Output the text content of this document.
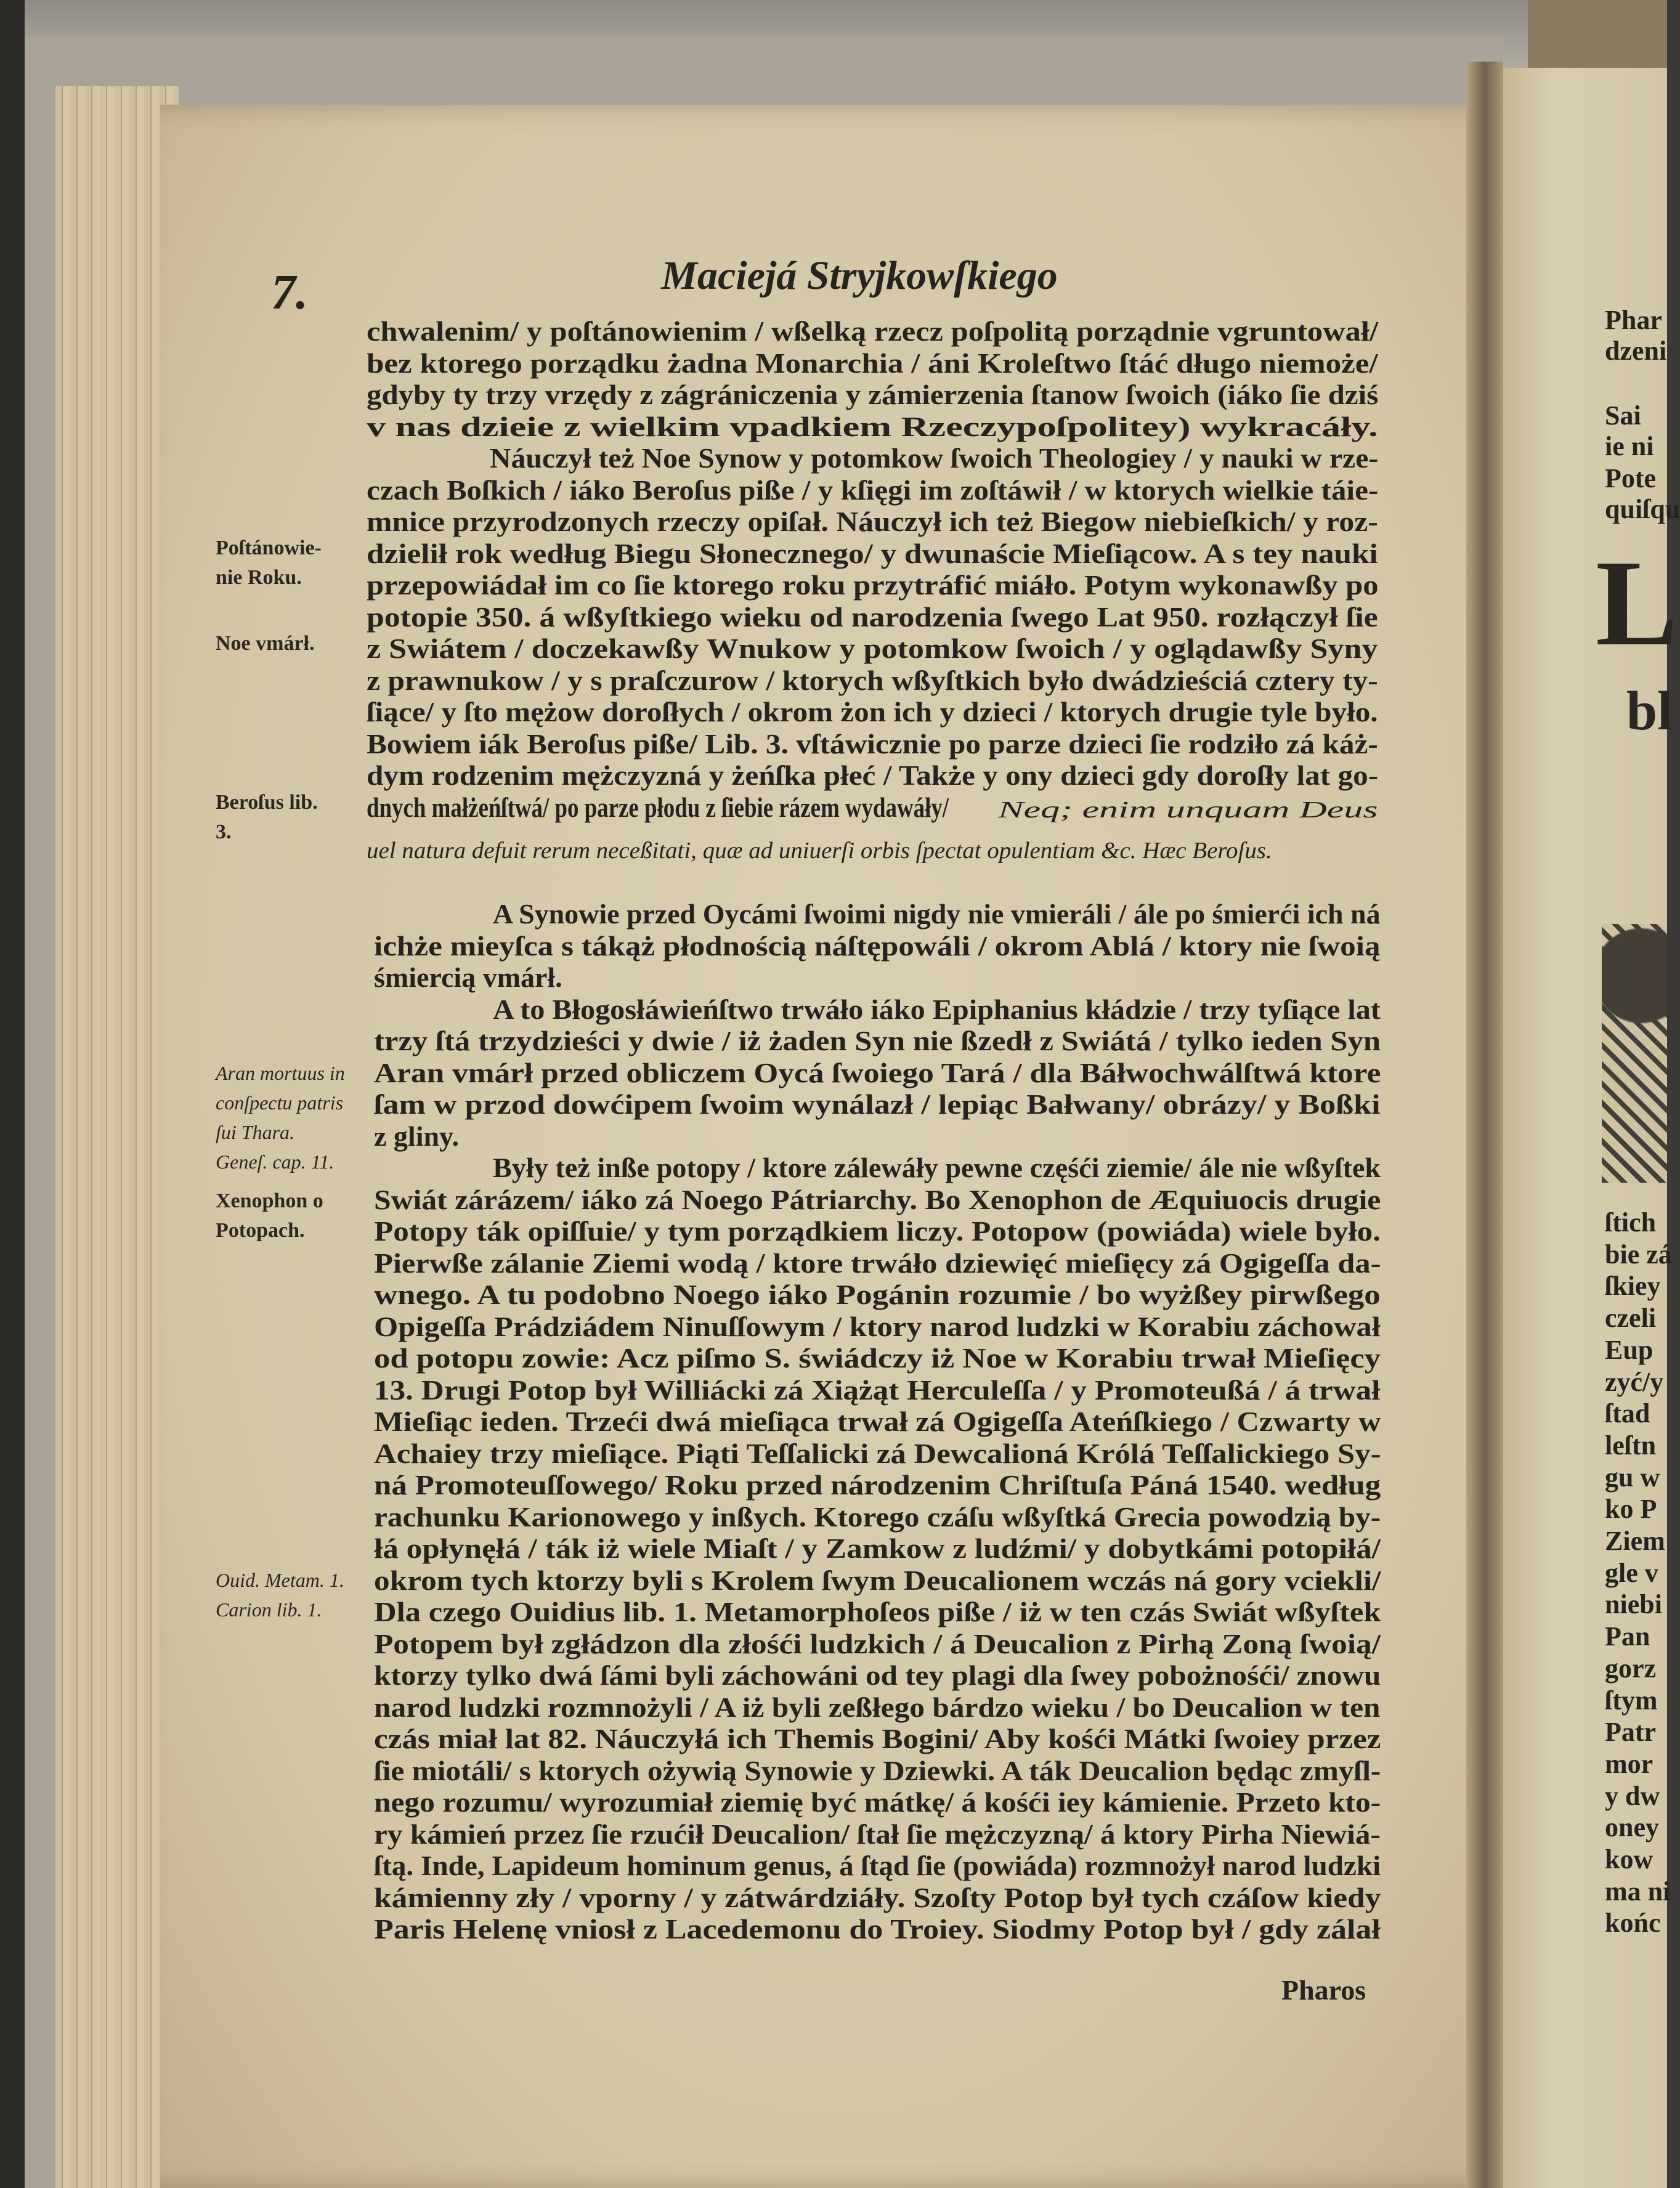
7.	Maciejá Stryjkowſkiego
chwalenim/ y poſtánowienim / wßelką rzecz poſpolitą porządnie vgruntował/
bez ktorego porządku żadna Monarchia / áni Kroleſtwo ſtáć długo niemoże/
gdyby ty trzy vrzędy z zágrániczenia y zámierzenia ſtanow ſwoich (iáko ſie dziś
v nas dzieie z wielkim vpadkiem Rzeczypoſpolitey) wykracáły.
Náuczył też Noe Synow y potomkow ſwoich Theologiey / y nauki w rze-
czach Boſkich / iáko Beroſus piße / y kſięgi im zoſtáwił / w ktorych wielkie táie-
mnice przyrodzonych rzeczy opiſał. Náuczył ich też Biegow niebieſkich/ y roz-
dzielił rok według Biegu Słonecznego/ y dwunaście Mieſiącow. A s tey nauki
przepowiádał im co ſie ktorego roku przytráfić miáło. Potym wykonawßy po
potopie 350. á wßyſtkiego wieku od narodzenia ſwego Lat 950. rozłączył ſie
z Swiátem / doczekawßy Wnukow y potomkow ſwoich / y oglądawßy Syny
z prawnukow / y s praſczurow / ktorych wßyſtkich było dwádzieściá cztery ty-
ſiące/ y ſto mężow doroſłych / okrom żon ich y dzieci / ktorych drugie tyle było.
Bowiem iák Beroſus piße/ Lib. 3. vſtáwicznie po parze dzieci ſie rodziło zá káż-
dym rodzenim mężczyzná y żeńſka płeć / Także y ony dzieci gdy doroſły lat go-
dnych małżeńſtwá/ po parze płodu z ſiebie rázem wydawáły/ Neq; enim unquam Deus
uel natura defuit rerum neceßitati, quæ ad uniuerſi orbis ſpectat opulentiam &c. Hæc Beroſus.
A Synowie przed Oycámi ſwoimi nigdy nie vmieráli / ále po śmierći ich ná
ichże mieyſca s tákąż płodnością náſtępowáli / okrom Ablá / ktory nie ſwoią
śmiercią vmárł.
A to Błogosłáwieńſtwo trwáło iáko Epiphanius kłádzie / trzy tyſiące lat
trzy ſtá trzydzieści y dwie / iż żaden Syn nie ßzedł z Swiátá / tylko ieden Syn
Aran vmárł przed obliczem Oycá ſwoiego Tará / dla Báłwochwálſtwá ktore
ſam w przod dowćipem ſwoim wynálazł / lepiąc Bałwany/ obrázy/ y Boßki
z gliny.
Były też inße potopy / ktore zálewáły pewne częśći ziemie/ ále nie wßyſtek
Swiát zárázem/ iáko zá Noego Pátriarchy. Bo Xenophon de Æquiuocis drugie
Potopy ták opiſſuie/ y tym porządkiem liczy. Potopow (powiáda) wiele było.
Pierwße zálanie Ziemi wodą / ktore trwáło dziewięć mieſięcy zá Ogigeſſa da-
wnego. A tu podobno Noego iáko Pogánin rozumie / bo wyżßey pirwßego
Opigeſſa Prádziádem Ninuſſowym / ktory narod ludzki w Korabiu záchował
od potopu zowie: Acz piſmo S. świádczy iż Noe w Korabiu trwał Mieſięcy
13. Drugi Potop był Williácki zá Xiążąt Herculeſſa / y Promoteußá / á trwał
Mieſiąc ieden. Trzeći dwá mieſiąca trwał zá Ogigeſſa Ateńſkiego / Czwarty w
Achaiey trzy mieſiące. Piąti Teſſalicki zá Dewcalioná Królá Teſſalickiego Sy-
ná Promoteuſſowego/ Roku przed národzenim Chriſtuſa Páná 1540. według
rachunku Karionowego y inßych. Ktorego czáſu wßyſtká Grecia powodzią by-
łá opłynęłá / ták iż wiele Miaſt / y Zamkow z ludźmi/ y dobytkámi potopiłá/
okrom tych ktorzy byli s Krolem ſwym Deucalionem wczás ná gory vciekli/
Dla czego Ouidius lib. 1. Metamorphoſeos piße / iż w ten czás Swiát wßyſtek
Potopem był zgłádzon dla złośći ludzkich / á Deucalion z Pirhą Zoną ſwoią/
ktorzy tylko dwá ſámi byli záchowáni od tey plagi dla ſwey pobożnośći/ znowu
narod ludzki rozmnożyli / A iż byli zeßłego bárdzo wieku / bo Deucalion w ten
czás miał lat 82. Náuczyłá ich Themis Bogini/ Aby kośći Mátki ſwoiey przez
ſie miotáli/ s ktorych ożywią Synowie y Dziewki. A ták Deucalion będąc zmyſl-
nego rozumu/ wyrozumiał ziemię być mátkę/ á kośći iey kámienie. Przeto kto-
ry kámień przez ſie rzućił Deucalion/ ſtał ſie mężczyzną/ á ktory Pirha Niewiá-
ſtą. Inde, Lapideum hominum genus, á ſtąd ſie (powiáda) rozmnożył narod ludzki
kámienny zły / vporny / y zátwárdziáły. Szoſty Potop był tych czáſow kiedy
Paris Helenę vniosł z Lacedemonu do Troiey. Siodmy Potop był / gdy zálał
Pharos
Poſtánowie-
nie Roku.
Noe vmárł.
Beroſus lib.
3.
Aran mortuus in
conſpectu patris
ſui Thara.
Geneſ. cap. 11.
Xenophon o
Potopach.
Ouid. Metam. 1.
Carion lib. 1.
Phar
dzeni
Sai
ie ni
Pote
quiſqu
ſtich
bie zá
ſkiey
czeli
Eup
zyć/y
ſtad
leſtn
gu w
ko P
Ziem
gle v
niebi
Pan
gorz
ſtym
Patr
mor
y dw
oney
kow
ma ni
końc
L
bl
